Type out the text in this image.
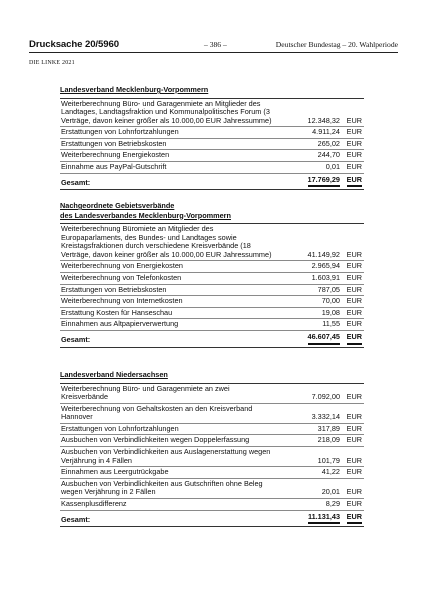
Drucksache 20/5960	– 386 –	Deutscher Bundestag – 20. Wahlperiode
DIE LINKE 2021
Landesverband Mecklenburg-Vorpommern
Weiterberechnung Büro- und Garagenmiete an Mitglieder des Landtages, Landtagsfraktion und Kommunalpolitisches Forum (3 Verträge, davon keiner größer als 10.000,00 EUR Jahressumme)	12.348,32 EUR
Erstattungen von Lohnfortzahlungen	4.911,24 EUR
Erstattungen von Betriebskosten	265,02 EUR
Weiterberechnung Energiekosten	244,70 EUR
Einnahme aus PayPal-Gutschrift	0,01 EUR
Gesamt:	17.769,29 EUR
Nachgeordnete Gebietsverbände
des Landesverbandes Mecklenburg-Vorpommern
Weiterberechnung Büromiete an Mitglieder des Europaparlaments, des Bundes- und Landtages sowie Kreistagsfraktionen durch verschiedene Kreisverbände (18 Verträge, davon keiner größer als 10.000,00 EUR Jahressumme)	41.149,92 EUR
Weiterberechnung von Energiekosten	2.965,94 EUR
Weiterberechnung von Telefonkosten	1.603,91 EUR
Erstattungen von Betriebskosten	787,05 EUR
Weiterberechnung von Internetkosten	70,00 EUR
Erstattung Kosten für Hanseschau	19,08 EUR
Einnahmen aus Altpapierverwertung	11,55 EUR
Gesamt:	46.607,45 EUR
Landesverband Niedersachsen
Weiterberechnung Büro- und Garagenmiete an zwei Kreisverbände	7.092,00 EUR
Weiterberechnung von Gehaltskosten an den Kreisverband Hannover	3.332,14 EUR
Erstattungen von Lohnfortzahlungen	317,89 EUR
Ausbuchen von Verbindlichkeiten wegen Doppelerfassung	218,09 EUR
Ausbuchen von Verbindlichkeiten aus Auslagenerstattung wegen Verjährung in 4 Fällen	101,79 EUR
Einnahmen aus Leergutrückgabe	41,22 EUR
Ausbuchen von Verbindlichkeiten aus Gutschriften ohne Beleg wegen Verjährung in 2 Fällen	20,01 EUR
Kassenplusdifferenz	8,29 EUR
Gesamt:	11.131,43 EUR
